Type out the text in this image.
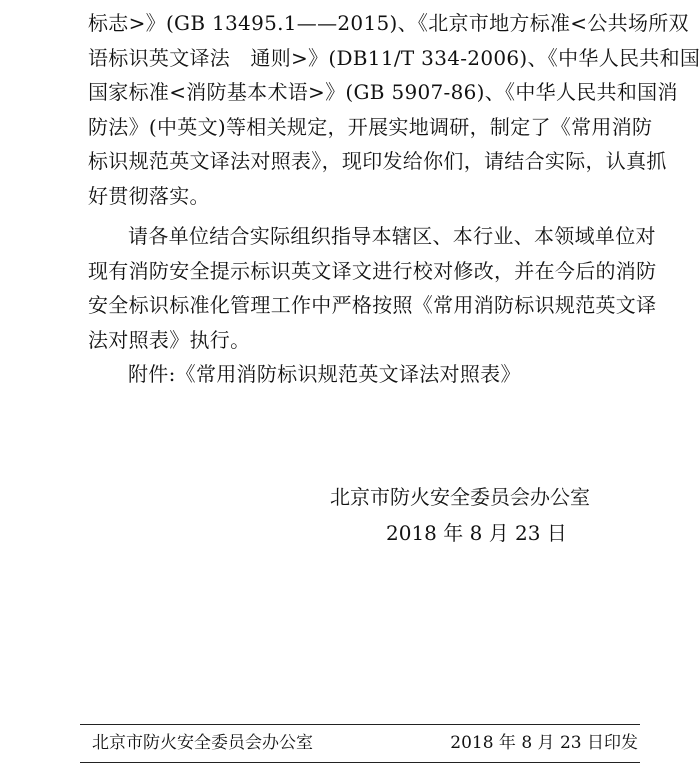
标志>》(GB 13495.1——2015)、《北京市地方标准<公共场所双
语标识英文译法　通则>》(DB11/T 334-2006)、《中华人民共和国
国家标准<消防基本术语>》(GB 5907-86)、《中华人民共和国消
防法》(中英文)等相关规定，开展实地调研，制定了《常用消防
标识规范英文译法对照表》，现印发给你们，请结合实际，认真抓
好贯彻落实。
请各单位结合实际组织指导本辖区、本行业、本领域单位对
现有消防安全提示标识英文译文进行校对修改，并在今后的消防
安全标识标准化管理工作中严格按照《常用消防标识规范英文译
法对照表》执行。
附件:《常用消防标识规范英文译法对照表》
北京市防火安全委员会办公室
2018 年 8 月 23 日
北京市防火安全委员会办公室	2018 年 8 月 23 日印发
